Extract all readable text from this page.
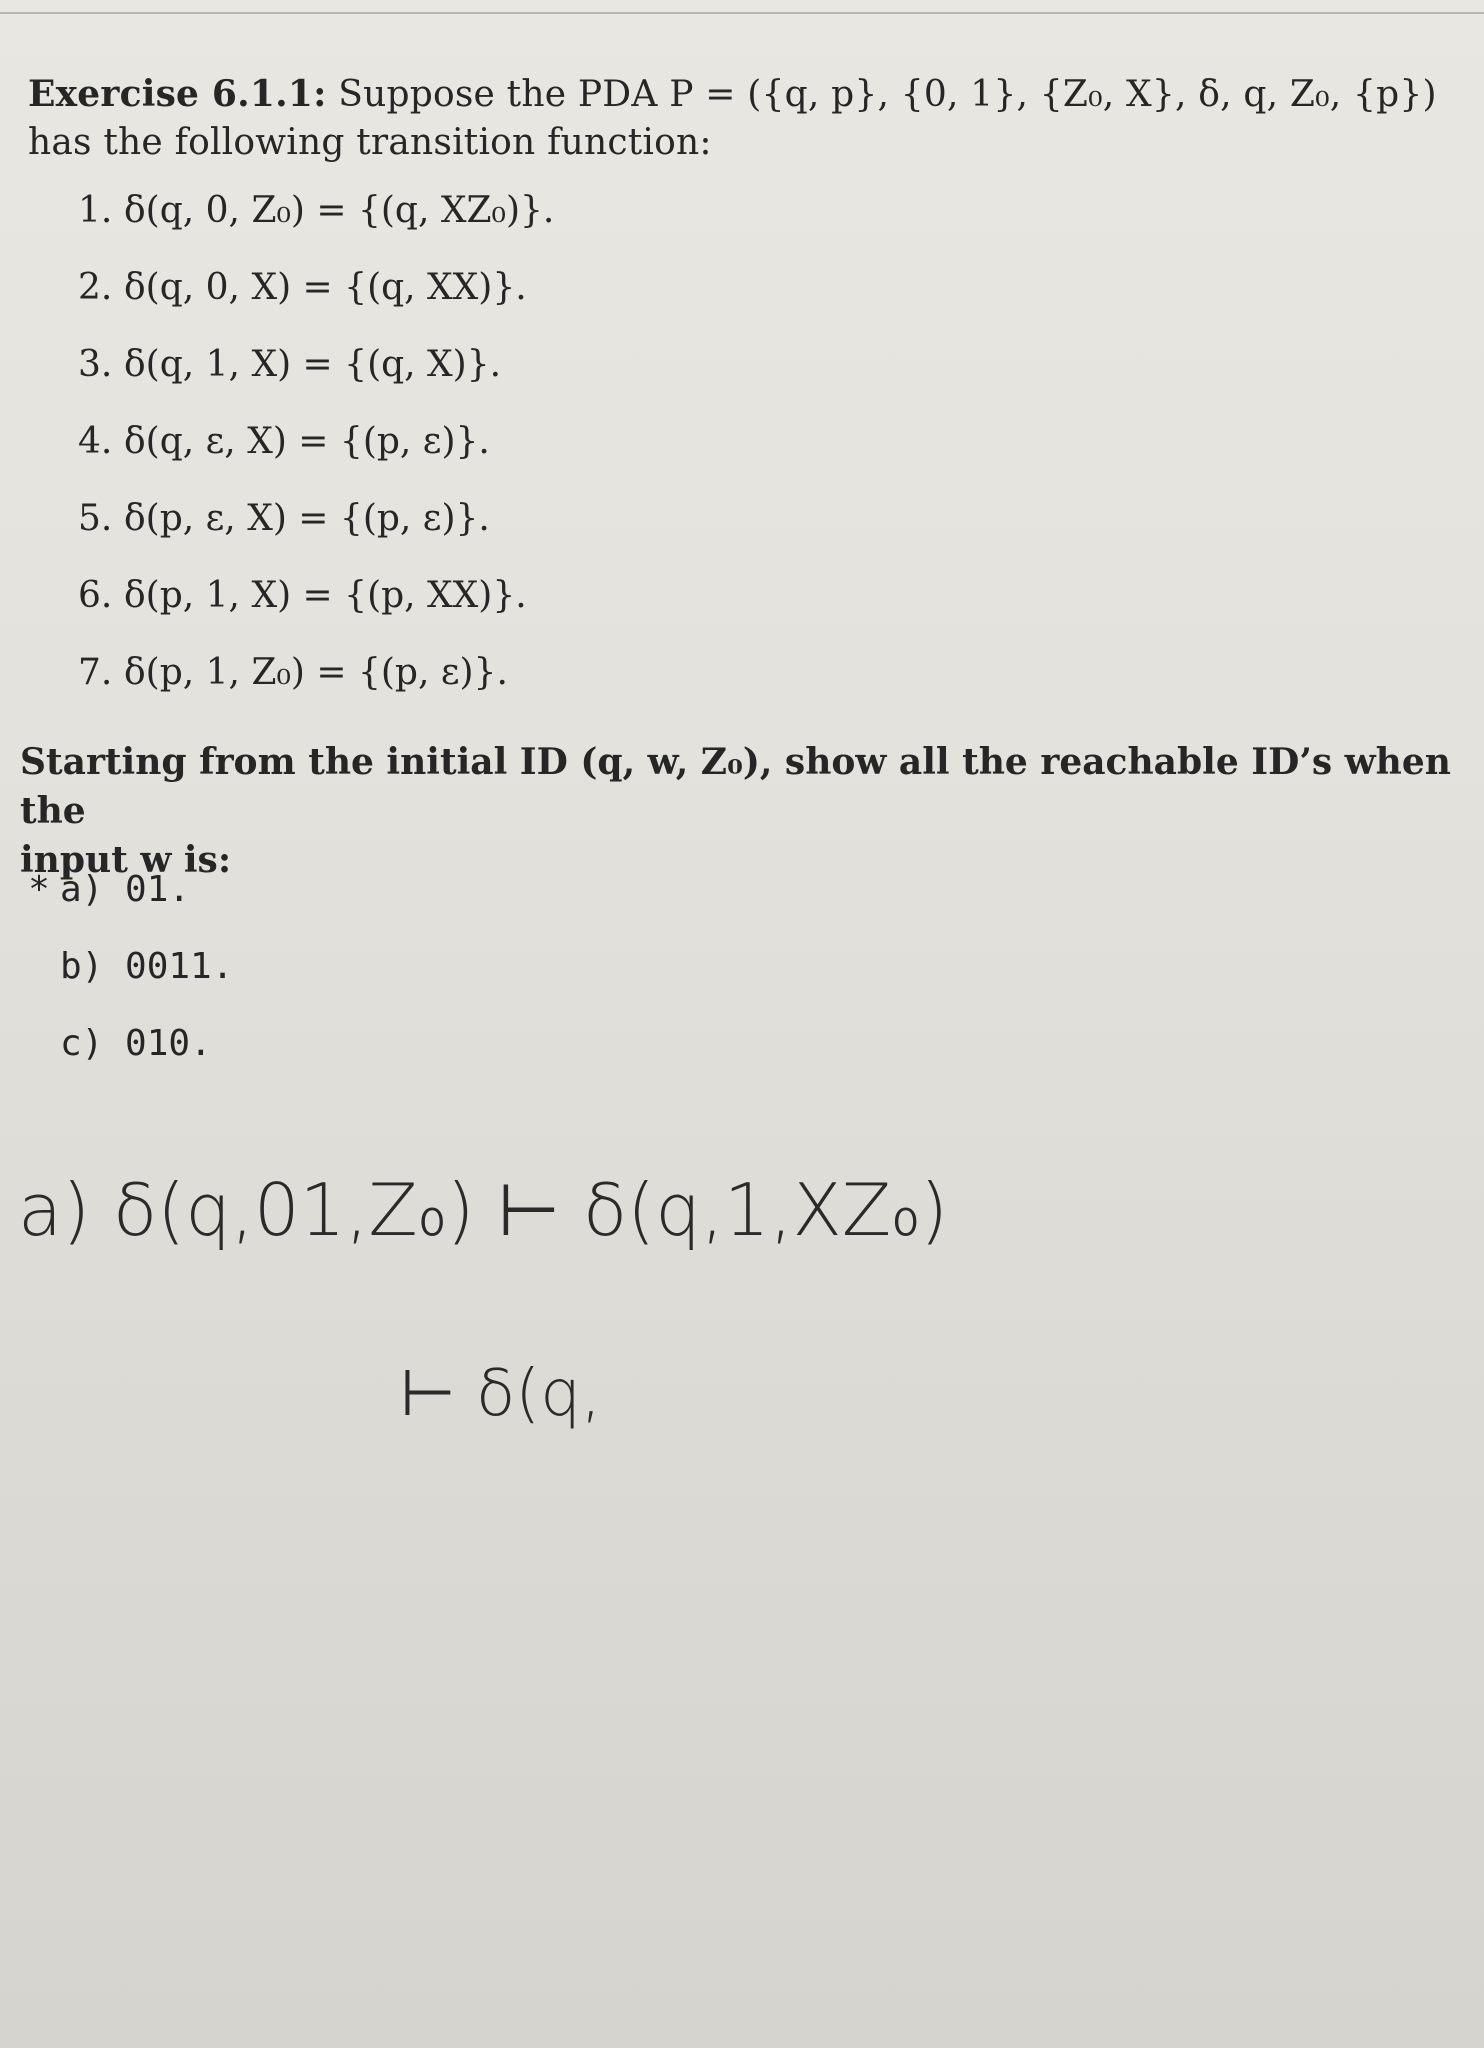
Exercise 6.1.1: Suppose the PDA P = ({q, p}, {0, 1}, {Z₀, X}, δ, q, Z₀, {p})
has the following transition function:
1. δ(q, 0, Z₀) = {(q, XZ₀)}.
2. δ(q, 0, X) = {(q, XX)}.
3. δ(q, 1, X) = {(q, X)}.
4. δ(q, ε, X) = {(p, ε)}.
5. δ(p, ε, X) = {(p, ε)}.
6. δ(p, 1, X) = {(p, XX)}.
7. δ(p, 1, Z₀) = {(p, ε)}.
Starting from the initial ID (q, w, Z₀), show all the reachable ID’s when the
input w is:
* a) 01.
b) 0011.
c) 010.
a) δ(q,01,Z₀) ⊢ δ(q,1,XZ₀)
⊢ δ(q,
